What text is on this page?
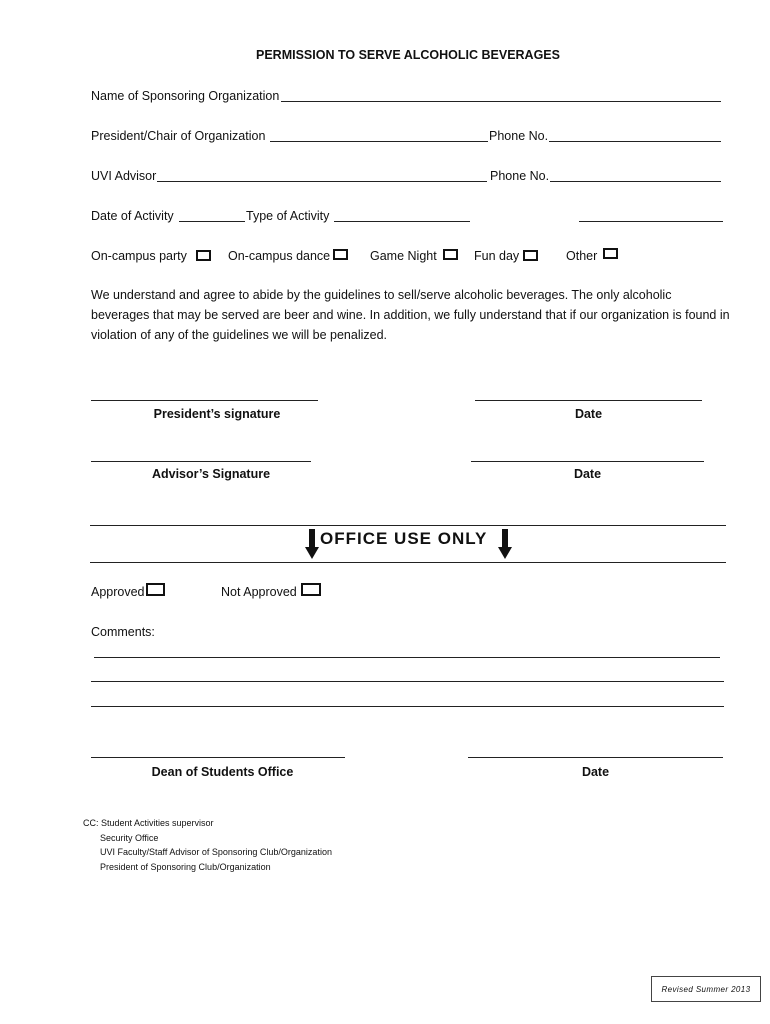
PERMISSION TO SERVE ALCOHOLIC BEVERAGES
Name of Sponsoring Organization
President/Chair of Organization	Phone No.
UVI Advisor	Phone No.
Date of Activity	Type of Activity
On-campus party	On-campus dance	Game Night	Fun day	Other
We understand and agree to abide by the guidelines to sell/serve alcoholic beverages. The only alcoholic beverages that may be served are beer and wine. In addition, we fully understand that if our organization is found in violation of any of the guidelines we will be penalized.
President’s signature	Date
Advisor’s Signature	Date
OFFICE USE ONLY
Approved	Not Approved
Comments:
Dean of Students Office	Date
CC: Student Activities supervisor
Security Office
UVI Faculty/Staff Advisor of Sponsoring Club/Organization
President of Sponsoring Club/Organization
Revised Summer 2013
